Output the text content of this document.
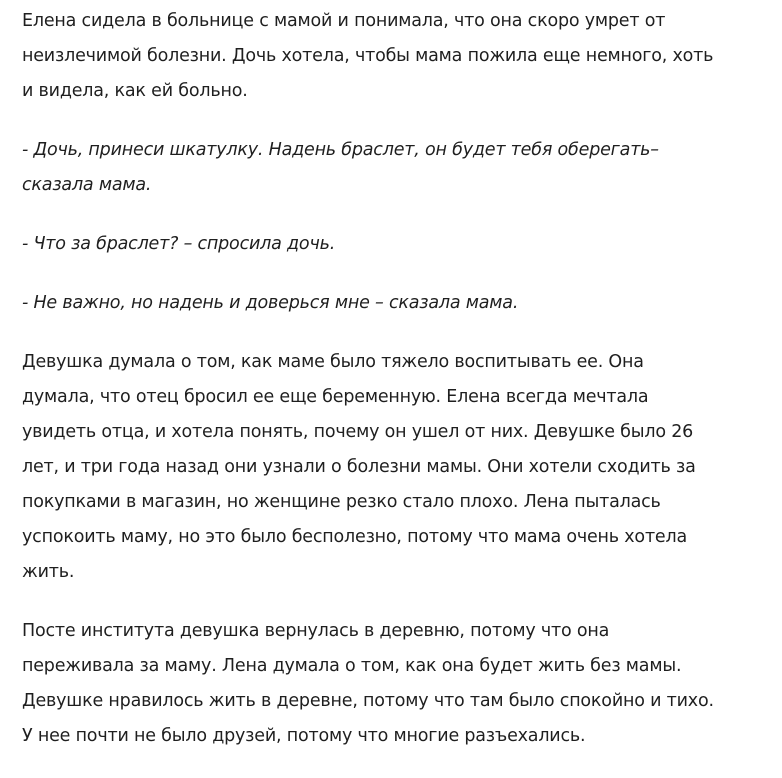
Елена сидела в больнице с мамой и понимала, что она скоро умрет от
неизлечимой болезни. Дочь хотела, чтобы мама пожила еще немного, хоть
и видела, как ей больно.

- Дочь, принеси шкатулку. Надень браслет, он будет тебя оберегать–
сказала мама.

- Что за браслет? – спросила дочь.

- Не важно, но надень и доверься мне – сказала мама.

Девушка думала о том, как маме было тяжело воспитывать ее. Она
думала, что отец бросил ее еще беременную. Елена всегда мечтала
увидеть отца, и хотела понять, почему он ушел от них. Девушке было 26
лет, и три года назад они узнали о болезни мамы. Они хотели сходить за
покупками в магазин, но женщине резко стало плохо. Лена пыталась
успокоить маму, но это было бесполезно, потому что мама очень хотела
жить.

Посте института девушка вернулась в деревню, потому что она
переживала за маму. Лена думала о том, как она будет жить без мамы.
Девушке нравилось жить в деревне, потому что там было спокойно и тихо.
У нее почти не было друзей, потому что многие разъехались.
